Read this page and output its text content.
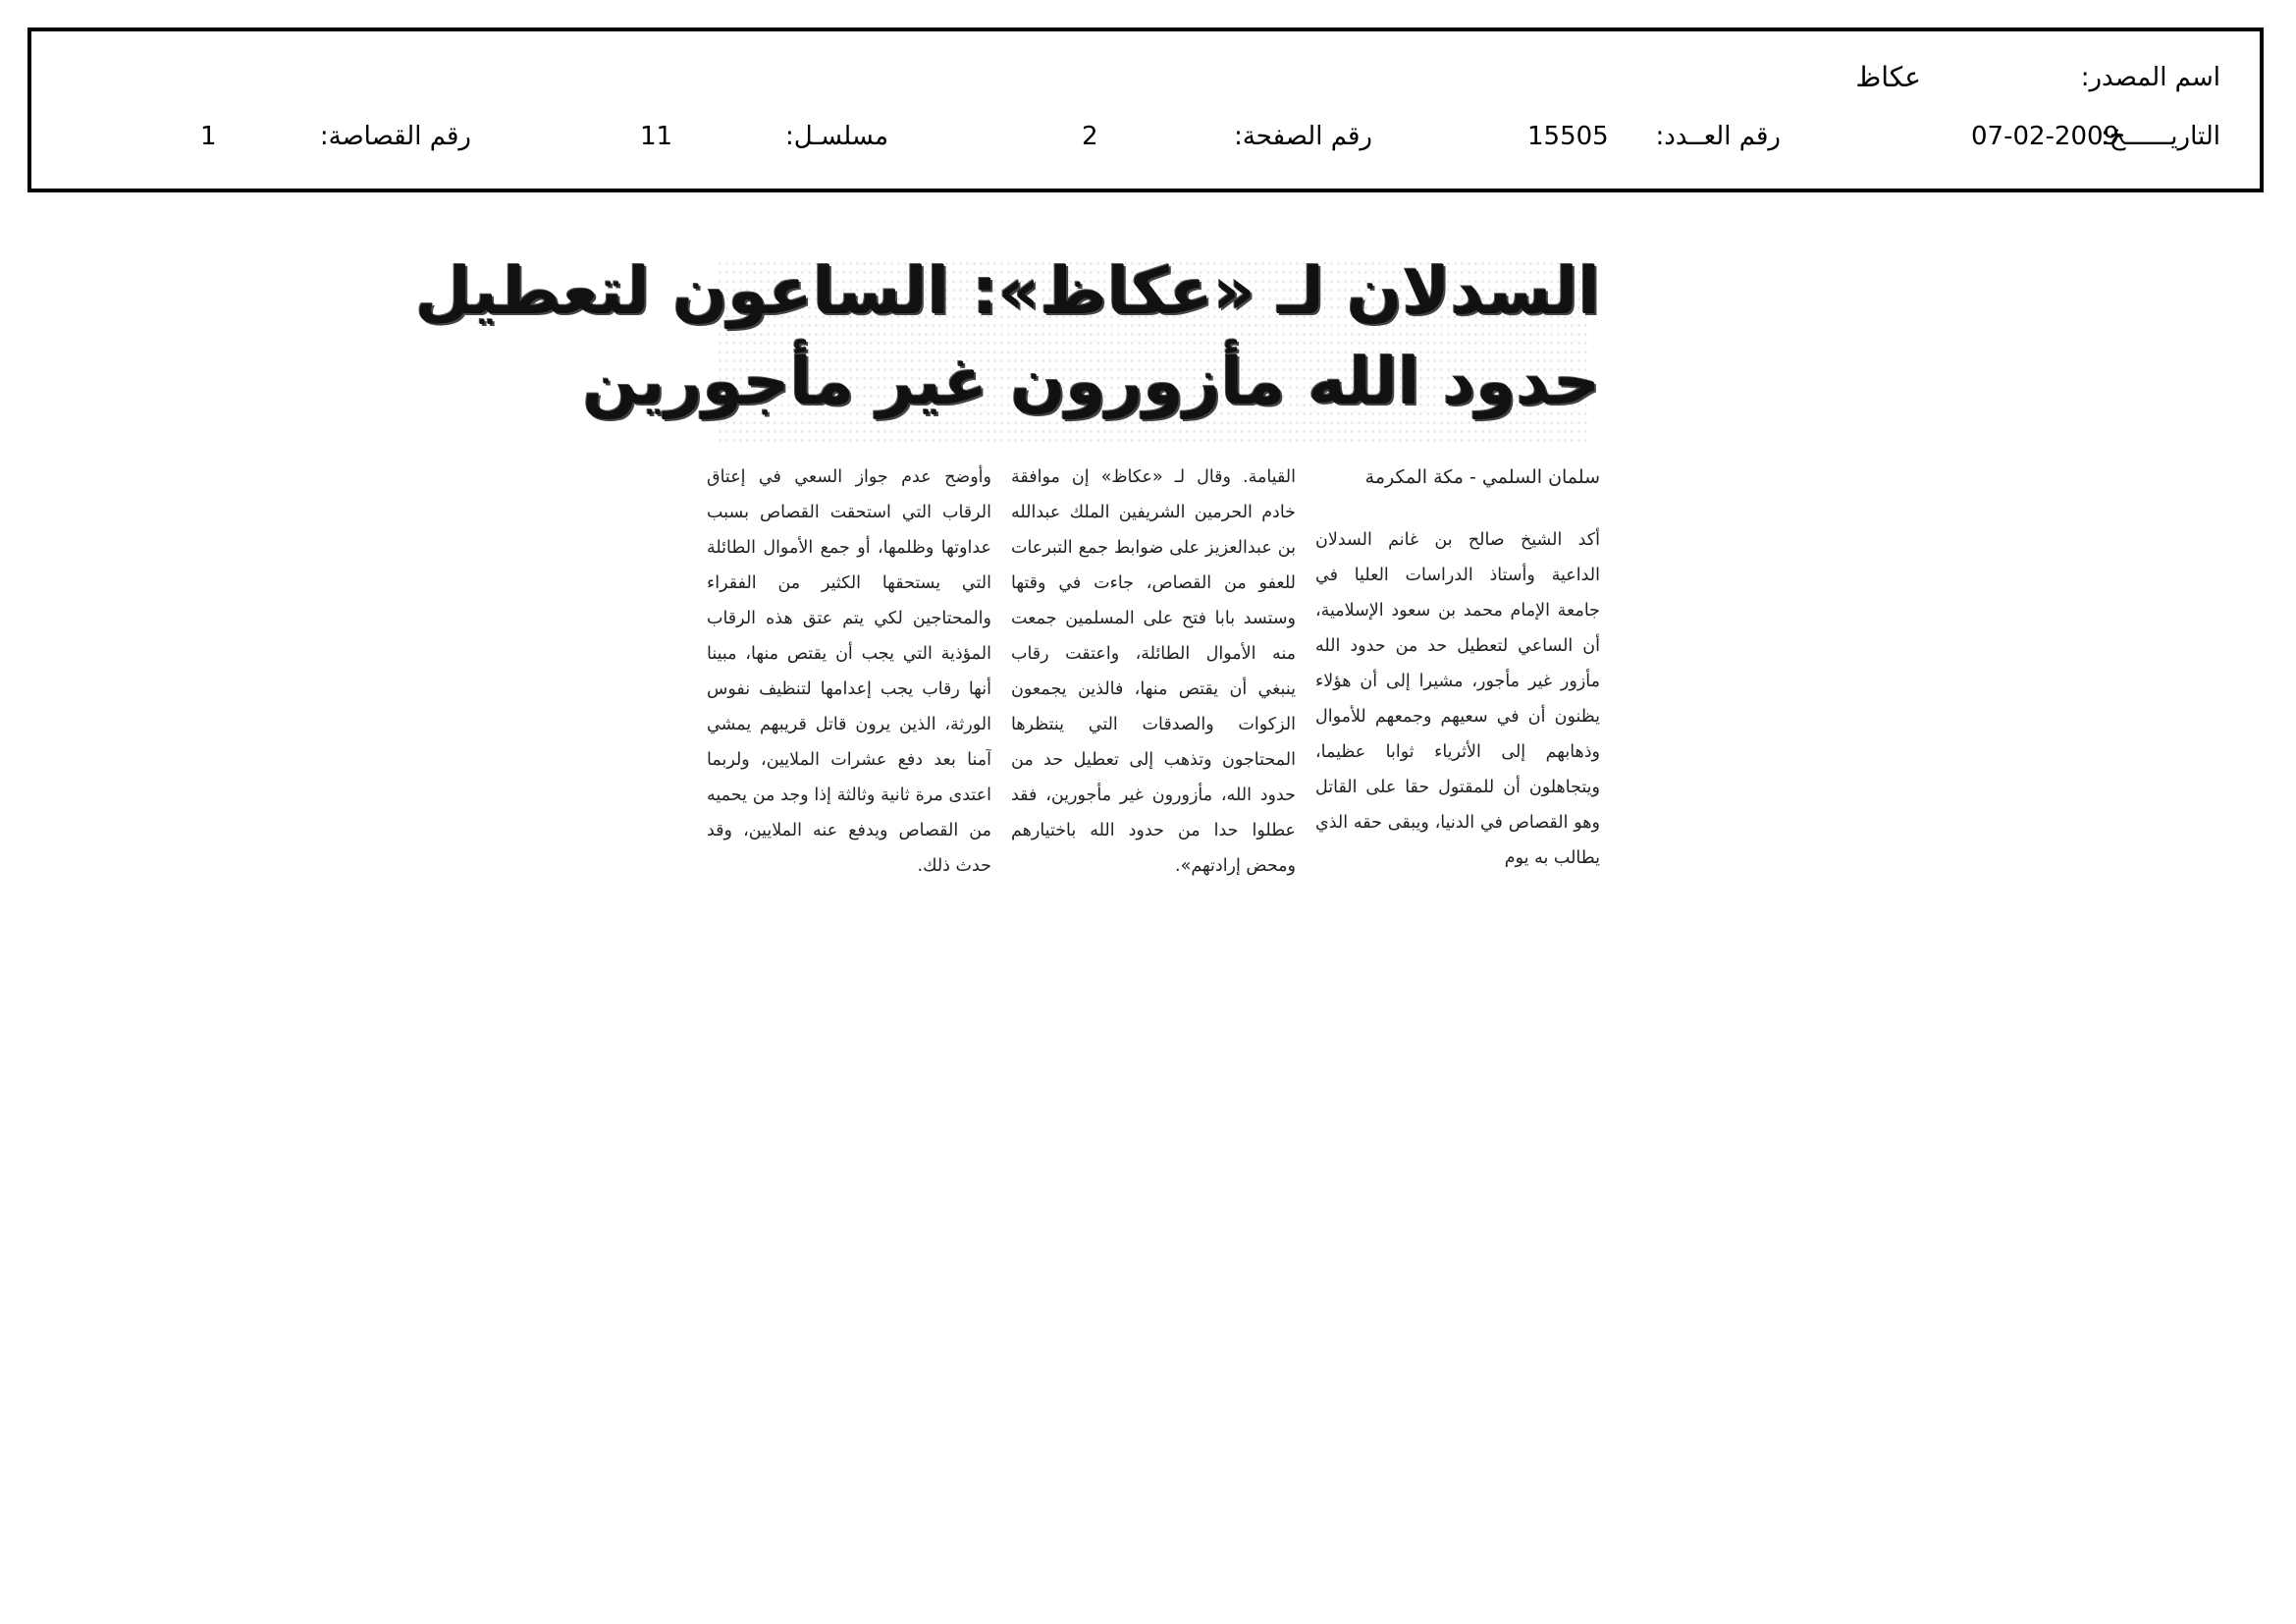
اسم المصدر:
عكاظ
التاريــــــخ:
07-02-2009
رقم العــدد:
15505
رقم الصفحة:
2
مسلسـل:
11
رقم القصاصة:
1
السدلان لـ «عكاظ»: الساعون لتعطيل
حدود الله مأزورون غير مأجورين
سلمان السلمي - مكة المكرمة

أكد الشيخ صالح بن غانم السدلان الداعية وأستاذ الدراسات العليا في جامعة الإمام محمد بن سعود الإسلامية، أن الساعي لتعطيل حد من حدود الله مأزور غير مأجور، مشيرا إلى أن هؤلاء يظنون أن في سعيهم وجمعهم للأموال وذهابهم إلى الأثرياء ثوابا عظيما، ويتجاهلون أن للمقتول حقا على القاتل وهو القصاص في الدنيا، ويبقى حقه الذي يطالب به يوم

القيامة. وقال لـ «عكاظ» إن موافقة خادم الحرمين الشريفين الملك عبدالله بن عبدالعزيز على ضوابط جمع التبرعات للعفو من القصاص، جاءت في وقتها وستسد بابا فتح على المسلمين جمعت منه الأموال الطائلة، واعتقت رقاب ينبغي أن يقتص منها، فالذين يجمعون الزكوات والصدقات التي ينتظرها المحتاجون وتذهب إلى تعطيل حد من حدود الله، مأزورون غير مأجورين، فقد عطلوا حدا من حدود الله باختيارهم ومحض إرادتهم».

وأوضح عدم جواز السعي في إعتاق الرقاب التي استحقت القصاص بسبب عداوتها وظلمها، أو جمع الأموال الطائلة التي يستحقها الكثير من الفقراء والمحتاجين لكي يتم عتق هذه الرقاب المؤذية التي يجب أن يقتص منها، مبينا أنها رقاب يجب إعدامها لتنظيف نفوس الورثة، الذين يرون قاتل قريبهم يمشي آمنا بعد دفع عشرات الملايين، ولربما اعتدى مرة ثانية وثالثة إذا وجد من يحميه من القصاص ويدفع عنه الملايين، وقد حدث ذلك.
